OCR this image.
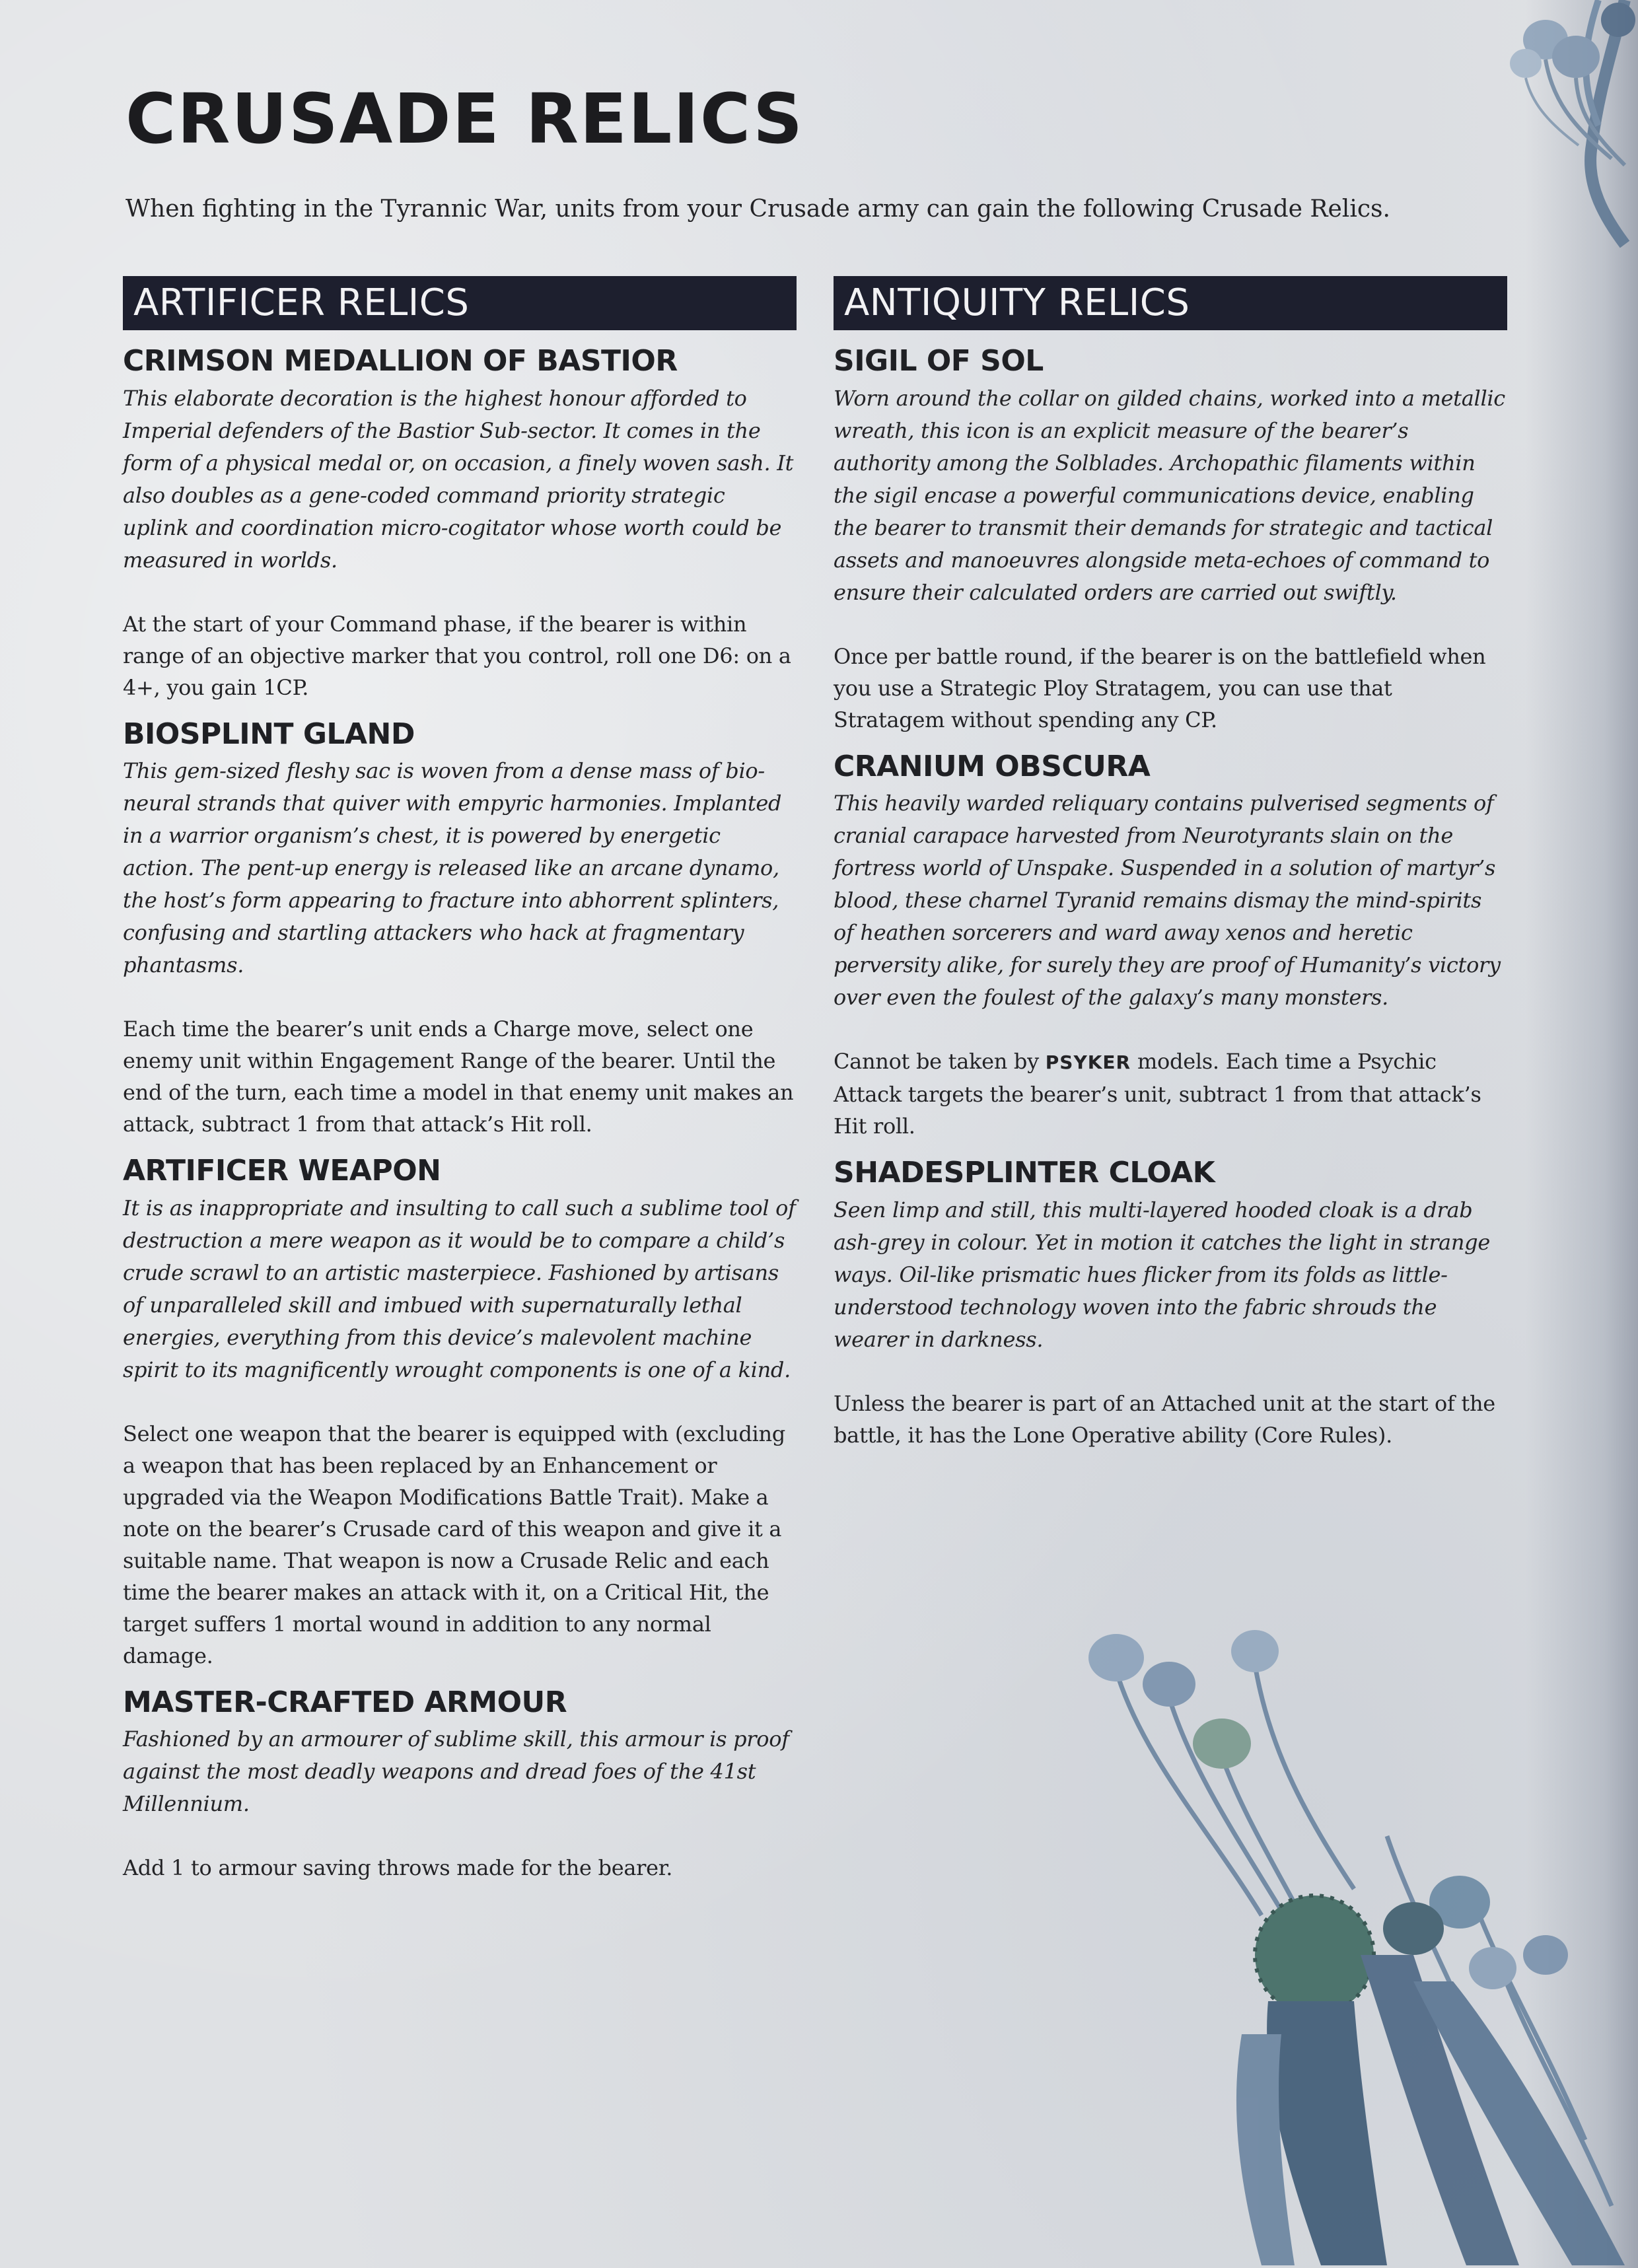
CRUSADE RELICS
When fighting in the Tyrannic War, units from your Crusade army can gain the following Crusade Relics.
ARTIFICER RELICS
CRIMSON MEDALLION OF BASTIOR

This elaborate decoration is the highest honour afforded to Imperial defenders of the Bastior Sub-sector. It comes in the form of a physical medal or, on occasion, a finely woven sash. It also doubles as a gene-coded command priority strategic uplink and coordination micro-cogitator whose worth could be measured in worlds.

At the start of your Command phase, if the bearer is within range of an objective marker that you control, roll one D6: on a 4+, you gain 1CP.

BIOSPLINT GLAND

This gem-sized fleshy sac is woven from a dense mass of bio-neural strands that quiver with empyric harmonies. Implanted in a warrior organism’s chest, it is powered by energetic action. The pent-up energy is released like an arcane dynamo, the host’s form appearing to fracture into abhorrent splinters, confusing and startling attackers who hack at fragmentary phantasms.

Each time the bearer’s unit ends a Charge move, select one enemy unit within Engagement Range of the bearer. Until the end of the turn, each time a model in that enemy unit makes an attack, subtract 1 from that attack’s Hit roll.

ARTIFICER WEAPON

It is as inappropriate and insulting to call such a sublime tool of destruction a mere weapon as it would be to compare a child’s crude scrawl to an artistic masterpiece. Fashioned by artisans of unparalleled skill and imbued with supernaturally lethal energies, everything from this device’s malevolent machine spirit to its magnificently wrought components is one of a kind.

Select one weapon that the bearer is equipped with (excluding a weapon that has been replaced by an Enhancement or upgraded via the Weapon Modifications Battle Trait). Make a note on the bearer’s Crusade card of this weapon and give it a suitable name. That weapon is now a Crusade Relic and each time the bearer makes an attack with it, on a Critical Hit, the target suffers 1 mortal wound in addition to any normal damage.

MASTER-CRAFTED ARMOUR

Fashioned by an armourer of sublime skill, this armour is proof against the most deadly weapons and dread foes of the 41st Millennium.

Add 1 to armour saving throws made for the bearer.

ANTIQUITY RELICS
SIGIL OF SOL

Worn around the collar on gilded chains, worked into a metallic wreath, this icon is an explicit measure of the bearer’s authority among the Solblades. Archopathic filaments within the sigil encase a powerful communications device, enabling the bearer to transmit their demands for strategic and tactical assets and manoeuvres alongside meta-echoes of command to ensure their calculated orders are carried out swiftly.

Once per battle round, if the bearer is on the battlefield when you use a Strategic Ploy Stratagem, you can use that Stratagem without spending any CP.

CRANIUM OBSCURA

This heavily warded reliquary contains pulverised segments of cranial carapace harvested from Neurotyrants slain on the fortress world of Unspake. Suspended in a solution of martyr’s blood, these charnel Tyranid remains dismay the mind-spirits of heathen sorcerers and ward away xenos and heretic perversity alike, for surely they are proof of Humanity’s victory over even the foulest of the galaxy’s many monsters.

Cannot be taken by PSYKER models. Each time a Psychic Attack targets the bearer’s unit, subtract 1 from that attack’s Hit roll.

SHADESPLINTER CLOAK

Seen limp and still, this multi-layered hooded cloak is a drab ash-grey in colour. Yet in motion it catches the light in strange ways. Oil-like prismatic hues flicker from its folds as little-understood technology woven into the fabric shrouds the wearer in darkness.

Unless the bearer is part of an Attached unit at the start of the battle, it has the Lone Operative ability (Core Rules).
